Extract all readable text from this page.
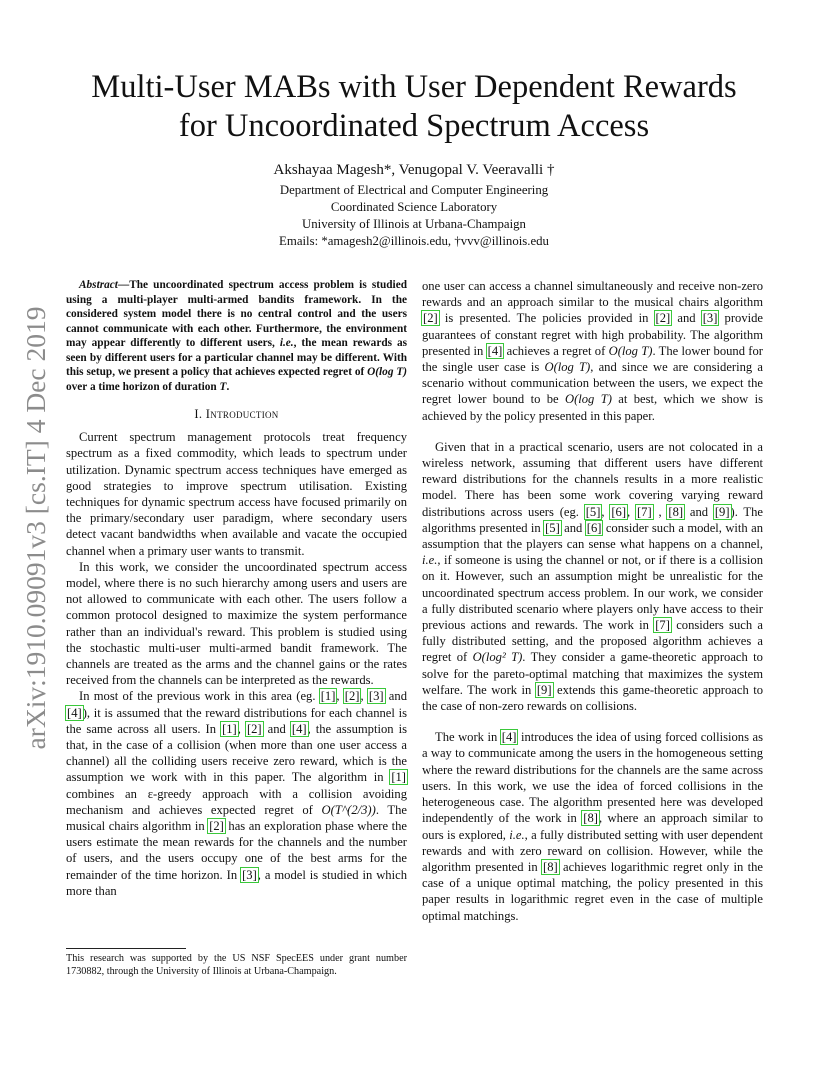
arXiv:1910.09091v3 [cs.IT] 4 Dec 2019
Multi-User MABs with User Dependent Rewards
for Uncoordinated Spectrum Access
Akshayaa Magesh*, Venugopal V. Veeravalli †
Department of Electrical and Computer Engineering
Coordinated Science Laboratory
University of Illinois at Urbana-Champaign
Emails: *amagesh2@illinois.edu, †vvv@illinois.edu

Abstract—The uncoordinated spectrum access problem is studied using a multi-player multi-armed bandits framework. In the considered system model there is no central control and the users cannot communicate with each other. Furthermore, the environment may appear differently to different users, i.e., the mean rewards as seen by different users for a particular channel may be different. With this setup, we present a policy that achieves expected regret of O(log T) over a time horizon of duration T.

I. Introduction

Current spectrum management protocols treat frequency spectrum as a fixed commodity, which leads to spectrum under utilization. Dynamic spectrum access techniques have emerged as good strategies to improve spectrum utilisation. Existing techniques for dynamic spectrum access have focused primarily on the primary/secondary user paradigm, where secondary users detect vacant bandwidths when available and vacate the occupied channel when a primary user wants to transmit.

In this work, we consider the uncoordinated spectrum access model, where there is no such hierarchy among users and users are not allowed to communicate with each other. The users follow a common protocol designed to maximize the system performance rather than an individual's reward. This problem is studied using the stochastic multi-user multi-armed bandit framework. The channels are treated as the arms and the channel gains or the rates received from the channels can be interpreted as the rewards.

In most of the previous work in this area (eg. [1], [2], [3] and [4]), it is assumed that the reward distributions for each channel is the same across all users. In [1], [2] and [4], the assumption is that, in the case of a collision (when more than one user access a channel) all the colliding users receive zero reward, which is the assumption we work with in this paper. The algorithm in [1] combines an ε-greedy approach with a collision avoiding mechanism and achieves expected regret of O(T^(2/3)). The musical chairs algorithm in [2] has an exploration phase where the users estimate the mean rewards for the channels and the number of users, and the users occupy one of the best arms for the remainder of the time horizon. In [3], a model is studied in which more than

This research was supported by the US NSF SpecEES under grant number 1730882, through the University of Illinois at Urbana-Champaign.

one user can access a channel simultaneously and receive non-zero rewards and an approach similar to the musical chairs algorithm [2] is presented. The policies provided in [2] and [3] provide guarantees of constant regret with high probability. The algorithm presented in [4] achieves a regret of O(log T). The lower bound for the single user case is O(log T), and since we are considering a scenario without communication between the users, we expect the regret lower bound to be O(log T) at best, which we show is achieved by the policy presented in this paper.

Given that in a practical scenario, users are not colocated in a wireless network, assuming that different users have different reward distributions for the channels results in a more realistic model. There has been some work covering varying reward distributions across users (eg. [5], [6], [7] , [8] and [9]). The algorithms presented in [5] and [6] consider such a model, with an assumption that the players can sense what happens on a channel, i.e., if someone is using the channel or not, or if there is a collision on it. However, such an assumption might be unrealistic for the uncoordinated spectrum access problem. In our work, we consider a fully distributed scenario where players only have access to their previous actions and rewards. The work in [7] considers such a fully distributed setting, and the proposed algorithm achieves a regret of O(log² T). They consider a game-theoretic approach to solve for the pareto-optimal matching that maximizes the system welfare. The work in [9] extends this game-theoretic approach to the case of non-zero rewards on collisions.

The work in [4] introduces the idea of using forced collisions as a way to communicate among the users in the homogeneous setting where the reward distributions for the channels are the same across users. In this work, we use the idea of forced collisions in the heterogeneous case. The algorithm presented here was developed independently of the work in [8], where an approach similar to ours is explored, i.e., a fully distributed setting with user dependent rewards and with zero reward on collision. However, while the algorithm presented in [8] achieves logarithmic regret only in the case of a unique optimal matching, the policy presented in this paper results in logarithmic regret even in the case of multiple optimal matchings.
